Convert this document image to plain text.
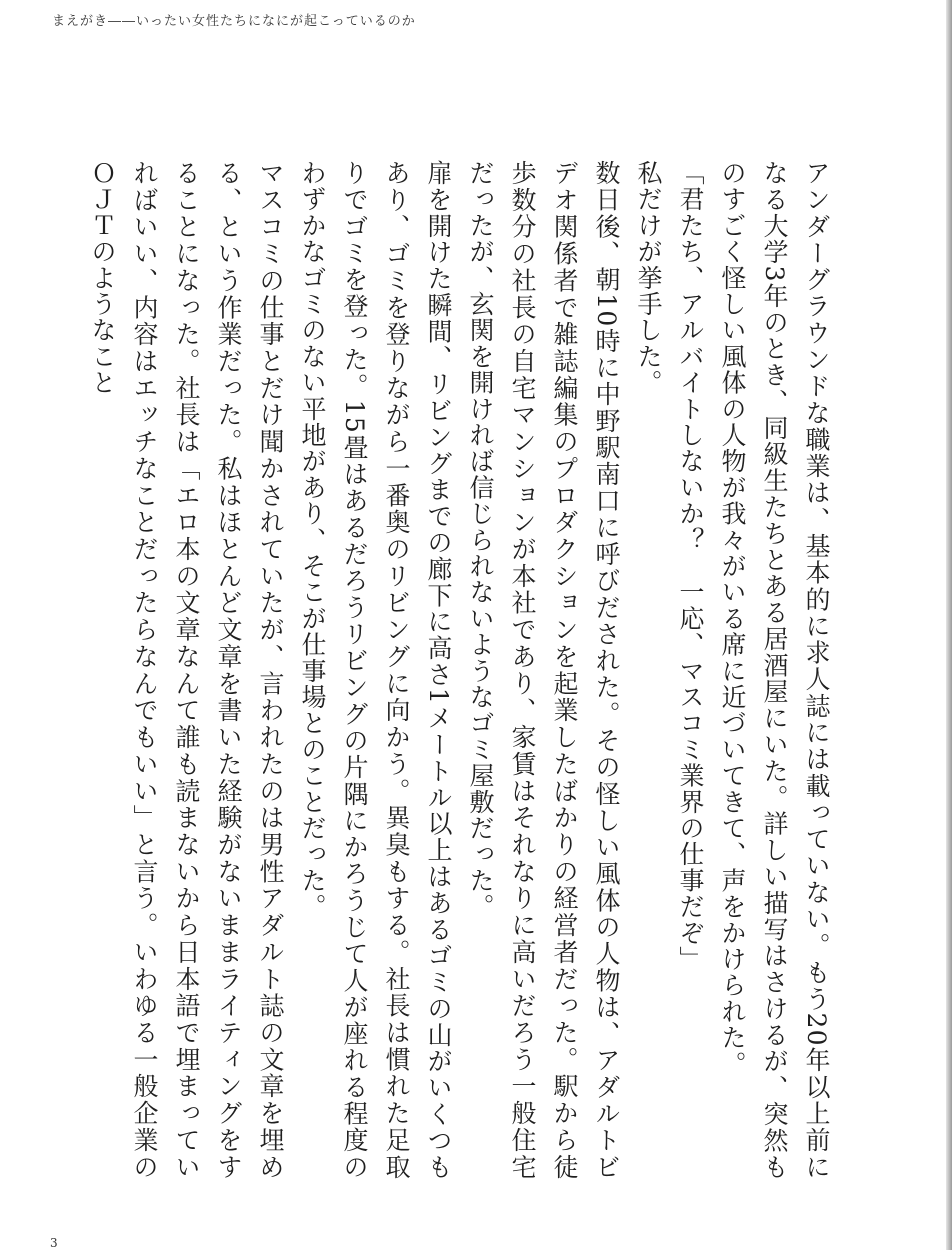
まえがき――いったい女性たちになにが起こっているのか

アンダーグラウンドな職業は、基本的に求人誌には載っていない。もう20年以上前になる大学3年のとき、同級生たちとある居酒屋にいた。詳しい描写はさけるが、突然ものすごく怪しい風体の人物が我々がいる席に近づいてきて、声をかけられた。

「君たち、アルバイトしないか？　一応、マスコミ業界の仕事だぞ」

私だけが挙手した。

数日後、朝10時に中野駅南口に呼びだされた。その怪しい風体の人物は、アダルトビデオ関係者で雑誌編集のプロダクションを起業したばかりの経営者だった。駅から徒歩数分の社長の自宅マンションが本社であり、家賃はそれなりに高いだろう一般住宅だったが、玄関を開ければ信じられないようなゴミ屋敷だった。

扉を開けた瞬間、リビングまでの廊下に高さ1メートル以上はあるゴミの山がいくつもあり、ゴミを登りながら一番奥のリビングに向かう。異臭もする。社長は慣れた足取りでゴミを登った。15畳はあるだろうリビングの片隅にかろうじて人が座れる程度のわずかなゴミのない平地があり、そこが仕事場とのことだった。

マスコミの仕事とだけ聞かされていたが、言われたのは男性アダルト誌の文章を埋める、という作業だった。私はほとんど文章を書いた経験がないままライティングをすることになった。社長は「エロ本の文章なんて誰も読まないから日本語で埋まっていればいい、内容はエッチなことだったらなんでもいい」と言う。いわゆる一般企業のＯＪＴのようなこと

3
